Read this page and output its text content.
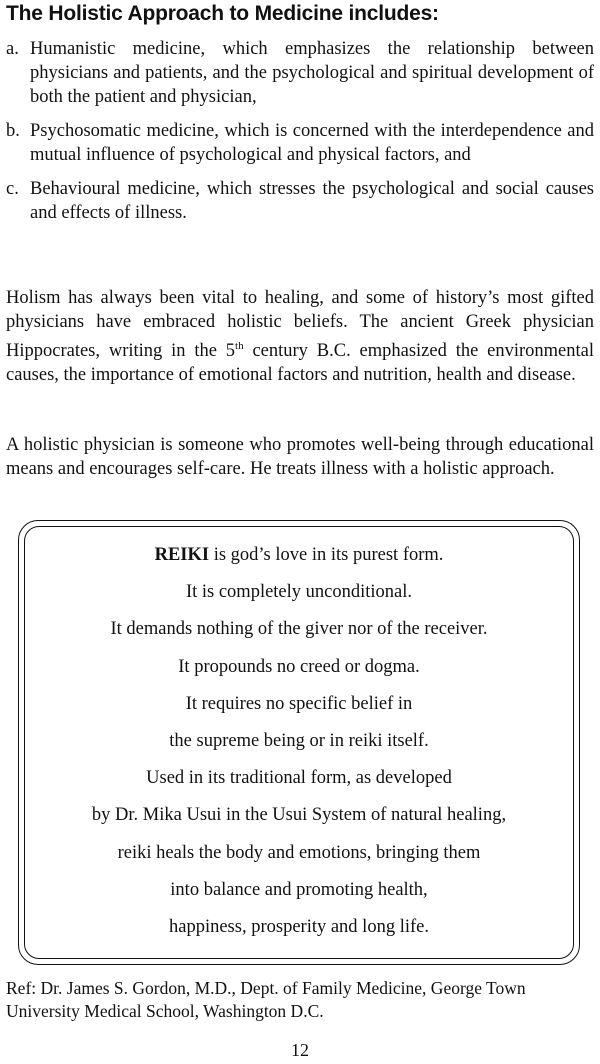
The Holistic Approach to Medicine includes:
a. Humanistic medicine, which emphasizes the relationship between physicians and patients, and the psychological and spiritual development of both the patient and physician,
b. Psychosomatic medicine, which is concerned with the interdependence and mutual influence of psychological and physical factors, and
c. Behavioural medicine, which stresses the psychological and social causes and effects of illness.
Holism has always been vital to healing, and some of history’s most gifted physicians have embraced holistic beliefs. The ancient Greek physician Hippocrates, writing in the 5th century B.C. emphasized the environmental causes, the importance of emotional factors and nutrition, health and disease.
A holistic physician is someone who promotes well-being through educational means and encourages self-care. He treats illness with a holistic approach.
REIKI is god’s love in its purest form.
It is completely unconditional.
It demands nothing of the giver nor of the receiver.
It propounds no creed or dogma.
It requires no specific belief in
the supreme being or in reiki itself.
Used in its traditional form, as developed
by Dr. Mika Usui in the Usui System of natural healing,
reiki heals the body and emotions, bringing them
into balance and promoting health,
happiness, prosperity and long life.
Ref: Dr. James S. Gordon, M.D., Dept. of Family Medicine, George Town University Medical School, Washington D.C.
12
